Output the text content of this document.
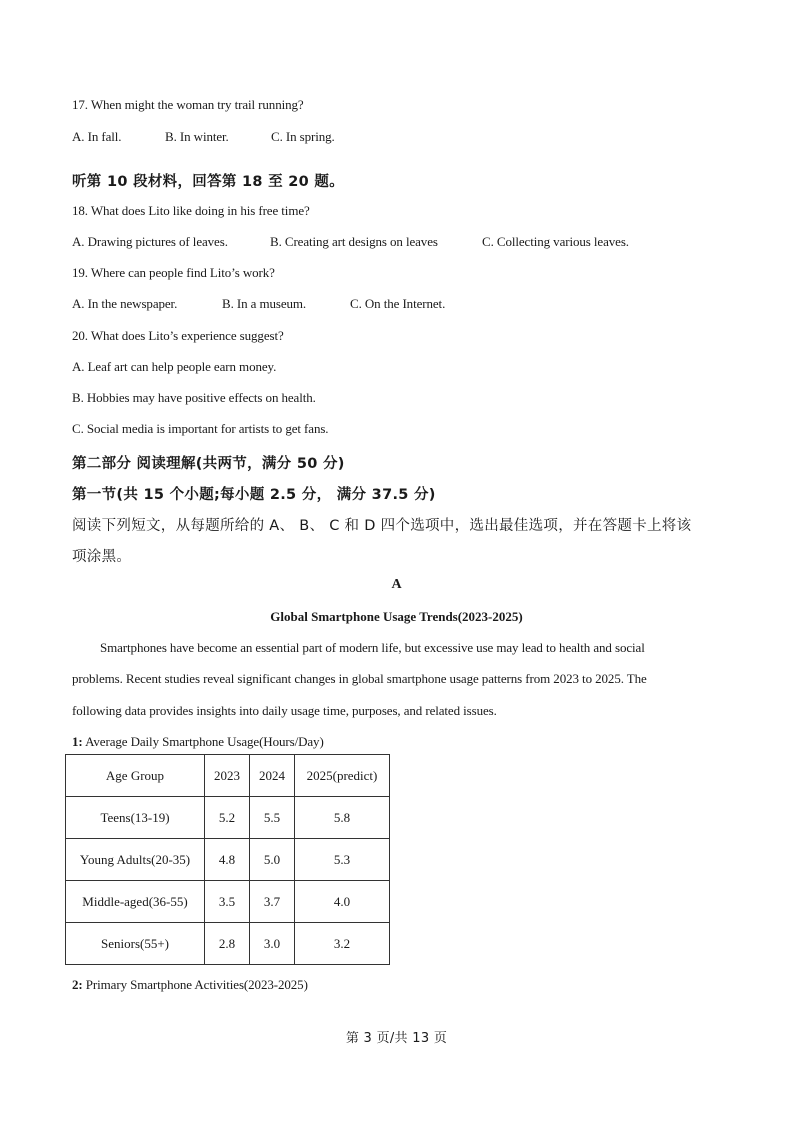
17. When might the woman try trail running?
A. In fall.	B. In winter.	C. In spring.
听第 10 段材料，回答第 18 至 20 题。
18. What does Lito like doing in his free time?
A. Drawing pictures of leaves.	B. Creating art designs on leaves	C. Collecting various leaves.
19. Where can people find Lito’s work?
A. In the newspaper.	B. In a museum.	C. On the Internet.
20. What does Lito’s experience suggest?
A. Leaf art can help people earn money.
B. Hobbies may have positive effects on health.
C. Social media is important for artists to get fans.
第二部分 阅读理解(共两节，满分 50 分)
第一节(共 15 个小题;每小题 2.5 分， 满分 37.5 分)
阅读下列短文，从每题所给的 A、 B、 C 和 D 四个选项中，选出最佳选项，并在答题卡上将该
项涂黑。
A
Global Smartphone Usage Trends(2023-2025)
Smartphones have become an essential part of modern life, but excessive use may lead to health and social
problems. Recent studies reveal significant changes in global smartphone usage patterns from 2023 to 2025. The
following data provides insights into daily usage time, purposes, and related issues.
1: Average Daily Smartphone Usage(Hours/Day)
Age Group	2023	2024	2025(predict)
Teens(13-19)	5.2	5.5	5.8
Young Adults(20-35)	4.8	5.0	5.3
Middle-aged(36-55)	3.5	3.7	4.0
Seniors(55+)	2.8	3.0	3.2
2: Primary Smartphone Activities(2023-2025)
第 3 页/共 13 页
